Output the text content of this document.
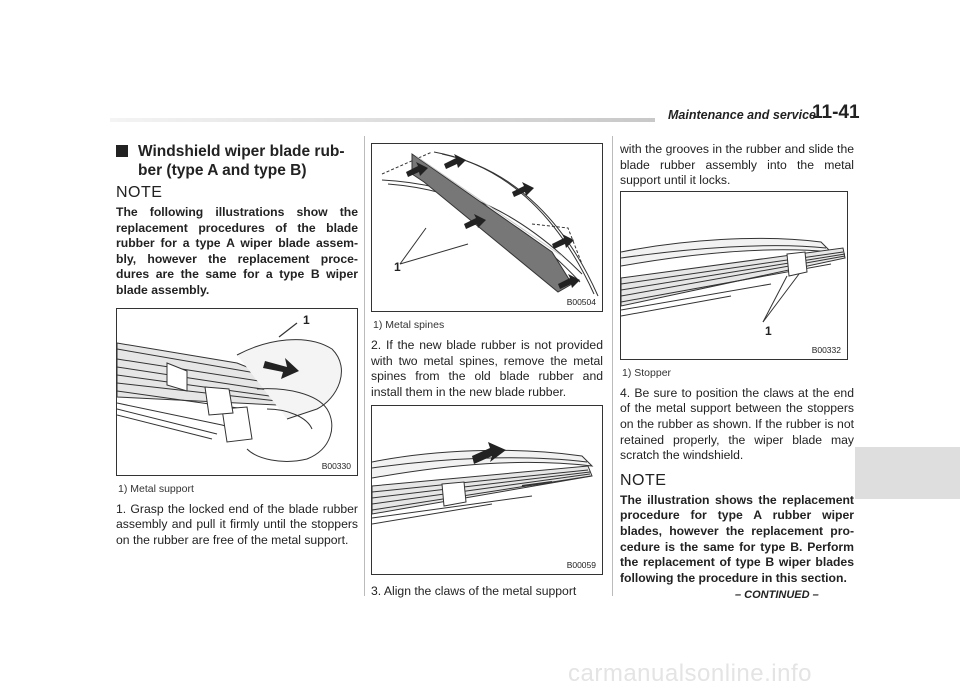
Maintenance and service
11-41
Windshield wiper blade rub-
ber (type A and type B)
NOTE

The following illustrations show the replacement procedures of the blade rubber for a type A wiper blade assem-bly, however the replacement proce-dures are the same for a type B wiper blade assembly.

1
B00330
1) Metal support

1. Grasp the locked end of the blade rubber assembly and pull it firmly until the stoppers on the rubber are free of the metal support.

1
B00504
1) Metal spines

2. If the new blade rubber is not provided with two metal spines, remove the metal spines from the old blade rubber and install them in the new blade rubber.

B00059

3. Align the claws of the metal support

with the grooves in the rubber and slide the blade rubber assembly into the metal support until it locks.

1
B00332
1) Stopper

4. Be sure to position the claws at the end of the metal support between the stoppers on the rubber as shown. If the rubber is not retained properly, the wiper blade may scratch the windshield.

NOTE

The illustration shows the replacement procedure for type A rubber wiper blades, however the replacement pro-cedure is the same for type B. Perform the replacement of type B wiper blades following the procedure in this section.

– CONTINUED –
carmanualsonline.info
